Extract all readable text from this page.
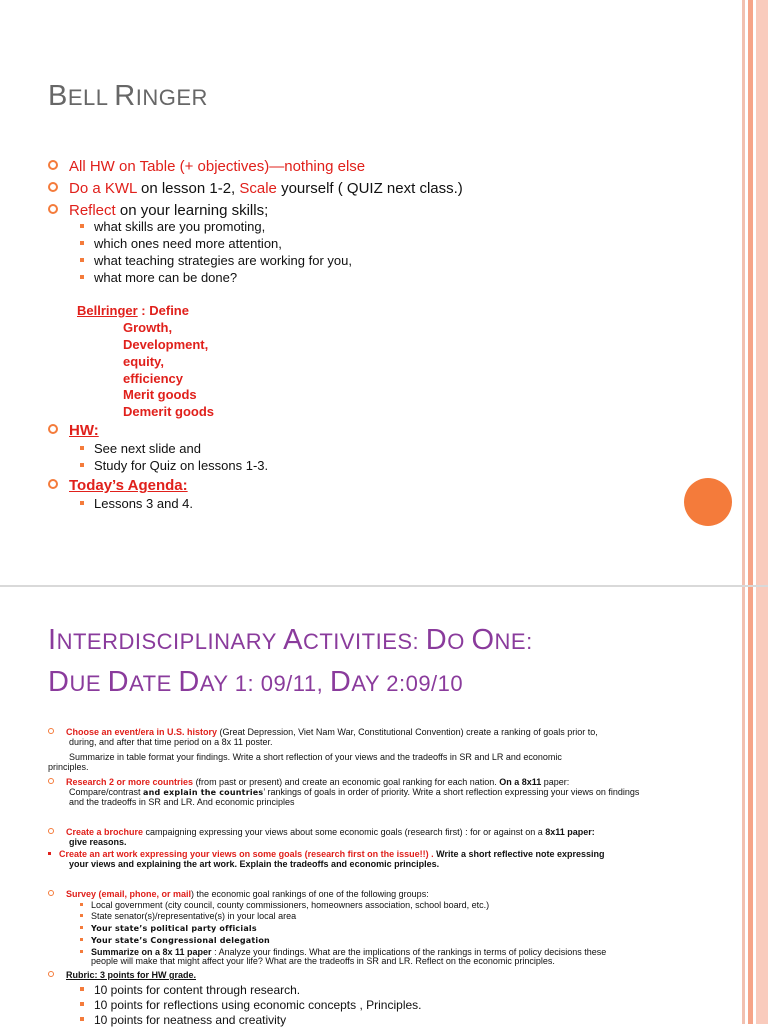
BELL RINGER
All HW on Table (+ objectives)—nothing else
Do a KWL on lesson 1-2, Scale yourself ( QUIZ next class.)
Reflect on your learning skills;
what skills are you promoting,
which ones need more attention,
what teaching strategies are working for you,
what more can be done?
Bellringer : Define
Growth,
Development,
equity,
efficiency
Merit goods
Demerit goods
HW:
See next slide and
Study for Quiz on lessons 1-3.
Today’s Agenda:
Lessons 3 and 4.
INTERDISCIPLINARY ACTIVITIES: DO ONE:
DUE DATE DAY 1: 09/11, DAY 2:09/10
Choose an event/era in U.S. history (Great Depression, Viet Nam War, Constitutional Convention) create a ranking of goals prior to,
during, and after that time period on a 8x 11 poster.
Summarize in table format your findings. Write a short reflection of your views and the tradeoffs in SR and LR and economic
principles.
Research 2 or more countries (from past or present) and create an economic goal ranking for each nation. On a 8x11 paper:
Compare/contrast and explain the countries’ rankings of goals in order of priority. Write a short reflection expressing your views on findings
and the tradeoffs in SR and LR. And economic principles
Create a brochure campaigning expressing your views about some economic goals (research first) : for or against on a 8x11 paper:
give reasons.
Create an art work expressing your views on some goals (research first on the issue!!) . Write a short reflective note expressing
your views and explaining the art work. Explain the tradeoffs and economic principles.
Survey (email, phone, or mail) the economic goal rankings of one of the following groups:
Local government (city council, county commissioners, homeowners association, school board, etc.)
State senator(s)/representative(s) in your local area
Your state’s political party officials
Your state’s Congressional delegation
Summarize on a 8x 11 paper : Analyze your findings. What are the implications of the rankings in terms of policy decisions these
people will make that might affect your life? What are the tradeoffs in SR and LR. Reflect on the economic principles.
Rubric: 3 points for HW grade.
10 points for content through research.
10 points for reflections using economic concepts , Principles.
10 points for neatness and creativity
